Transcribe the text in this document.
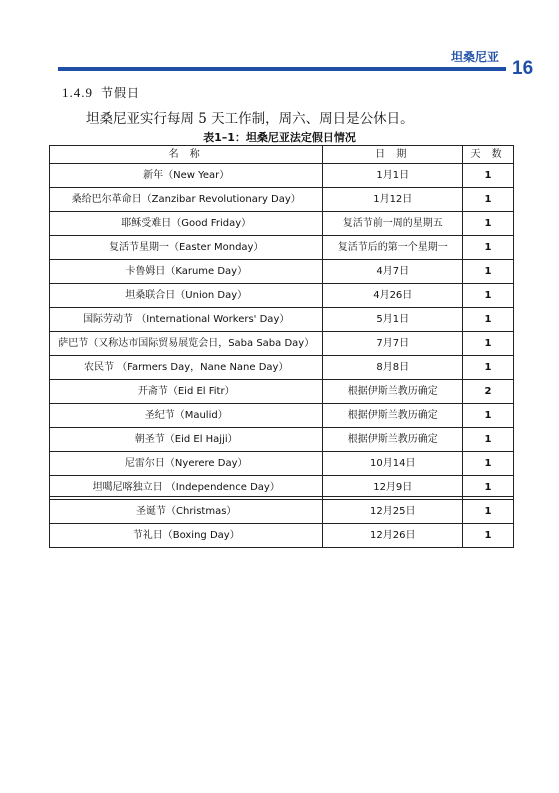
坦桑尼亚
16
1.4.9 节假日
坦桑尼亚实行每周 5 天工作制，周六、周日是公休日。
表1–1：坦桑尼亚法定假日情况
名 称	日 期	天 数
新年（New Year）	1月1日	1
桑给巴尔革命日（Zanzibar Revolutionary Day）	1月12日	1
耶稣受难日（Good Friday）	复活节前一周的星期五	1
复活节星期一（Easter Monday）	复活节后的第一个星期一	1
卡鲁姆日（Karume Day）	4月7日	1
坦桑联合日（Union Day）	4月26日	1
国际劳动节 （International Workers' Day）	5月1日	1
萨巴节（又称达市国际贸易展览会日，Saba Saba Day）	7月7日	1
农民节 （Farmers Day，Nane Nane Day）	8月8日	1
开斋节（Eid El Fitr）	根据伊斯兰教历确定	2
圣纪节（Maulid）	根据伊斯兰教历确定	1
朝圣节（Eid El Hajji）	根据伊斯兰教历确定	1
尼雷尔日（Nyerere Day）	10月14日	1
坦噶尼喀独立日 （Independence Day）	12月9日	1
圣诞节（Christmas）	12月25日	1
节礼日（Boxing Day）	12月26日	1
